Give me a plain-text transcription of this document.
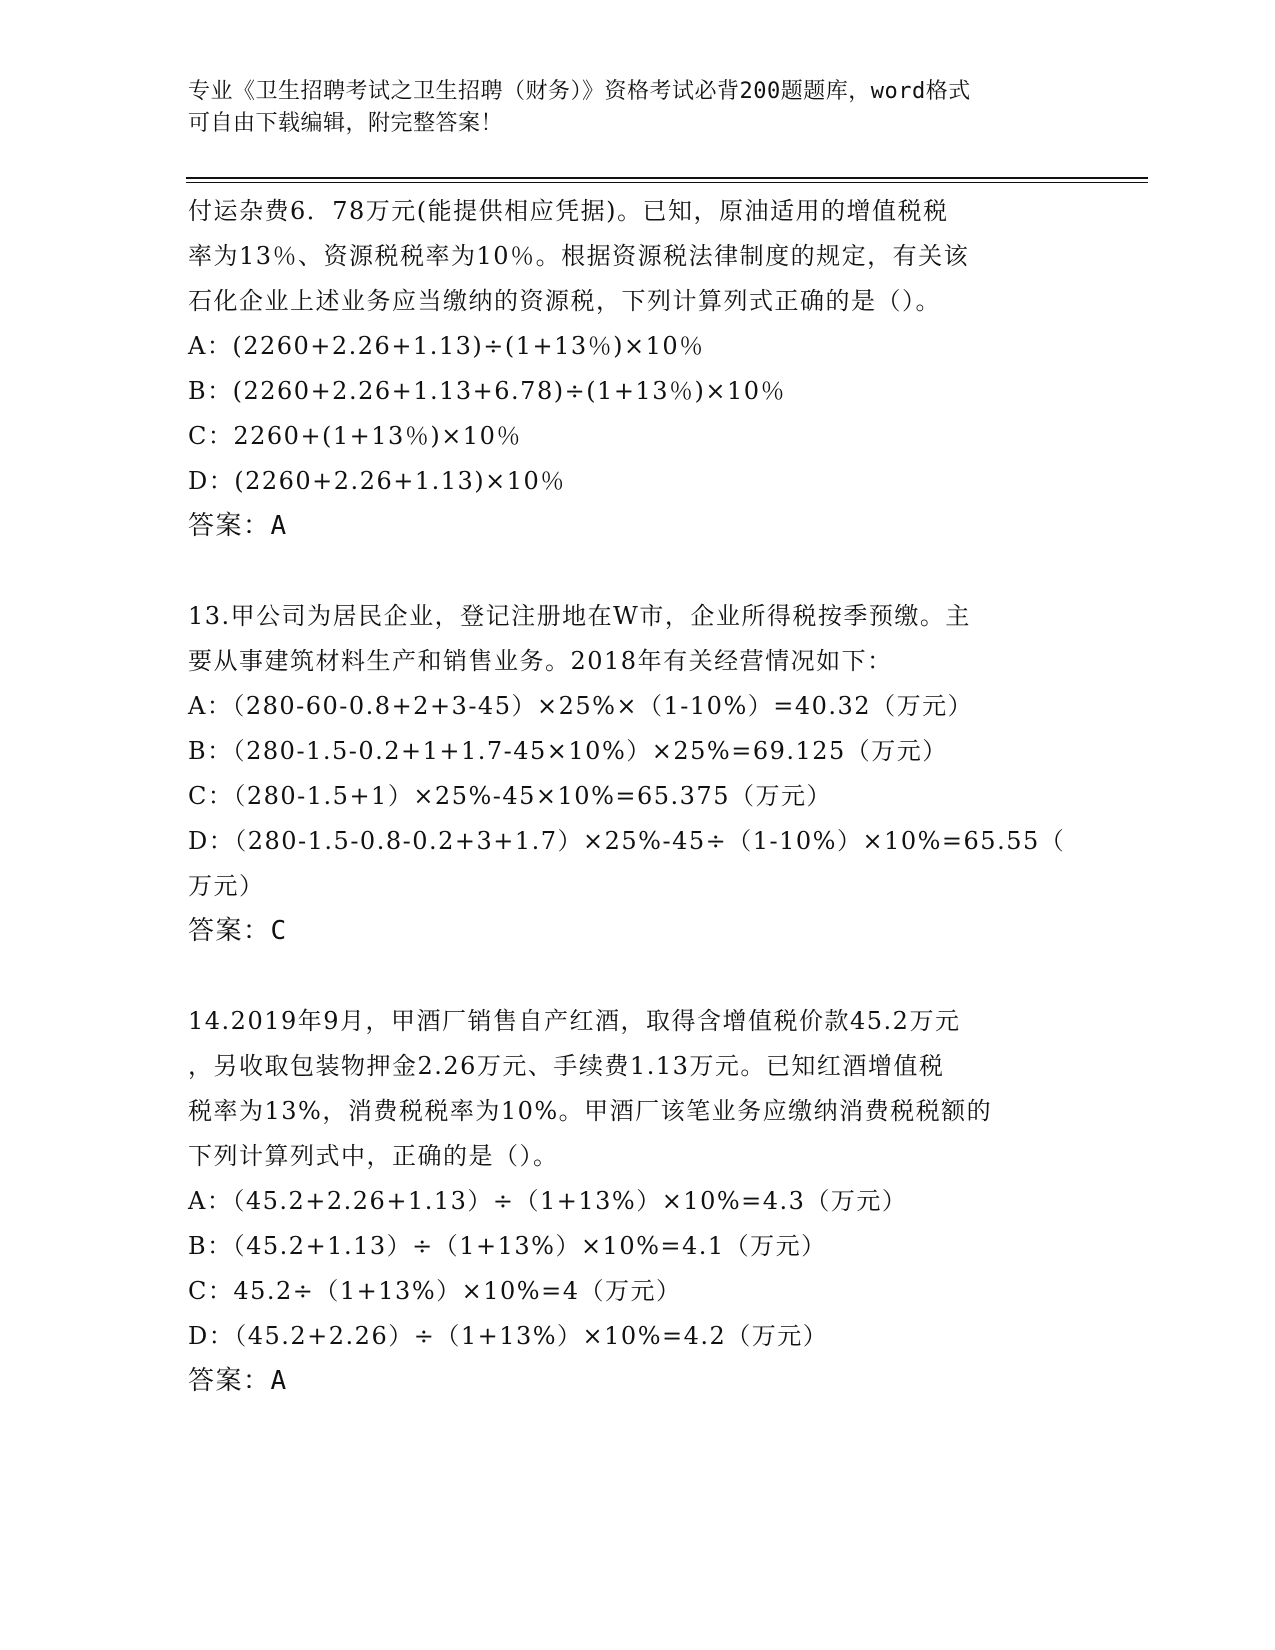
专业《卫生招聘考试之卫生招聘（财务）》资格考试必背200题题库，word格式
可自由下载编辑，附完整答案！
付运杂费6．78万元(能提供相应凭据)。已知，原油适用的增值税税
率为13％、资源税税率为10％。根据资源税法律制度的规定，有关该
石化企业上述业务应当缴纳的资源税，下列计算列式正确的是（）。
A：(2260+2.26+1.13)÷(1+13％)×10％
B：(2260+2.26+1.13+6.78)÷(1+13％)×10％
C：2260+(1+13％)×10％
D：(2260+2.26+1.13)×10％
答案：A
13.甲公司为居民企业，登记注册地在W市，企业所得税按季预缴。主
要从事建筑材料生产和销售业务。2018年有关经营情况如下：
A：（280-60-0.8+2+3-45）×25%×（1-10%）=40.32（万元）
B：（280-1.5-0.2+1+1.7-45×10%）×25%=69.125（万元）
C：（280-1.5+1）×25%-45×10%=65.375（万元）
D：（280-1.5-0.8-0.2+3+1.7）×25%-45÷（1-10%）×10%=65.55（
万元）
答案：C
14.2019年9月，甲酒厂销售自产红酒，取得含增值税价款45.2万元
，另收取包装物押金2.26万元、手续费1.13万元。已知红酒增值税
税率为13%，消费税税率为10%。甲酒厂该笔业务应缴纳消费税税额的
下列计算列式中，正确的是（）。
A：（45.2+2.26+1.13）÷（1+13%）×10%=4.3（万元）
B：（45.2+1.13）÷（1+13%）×10%=4.1（万元）
C：45.2÷（1+13%）×10%=4（万元）
D：（45.2+2.26）÷（1+13%）×10%=4.2（万元）
答案：A
